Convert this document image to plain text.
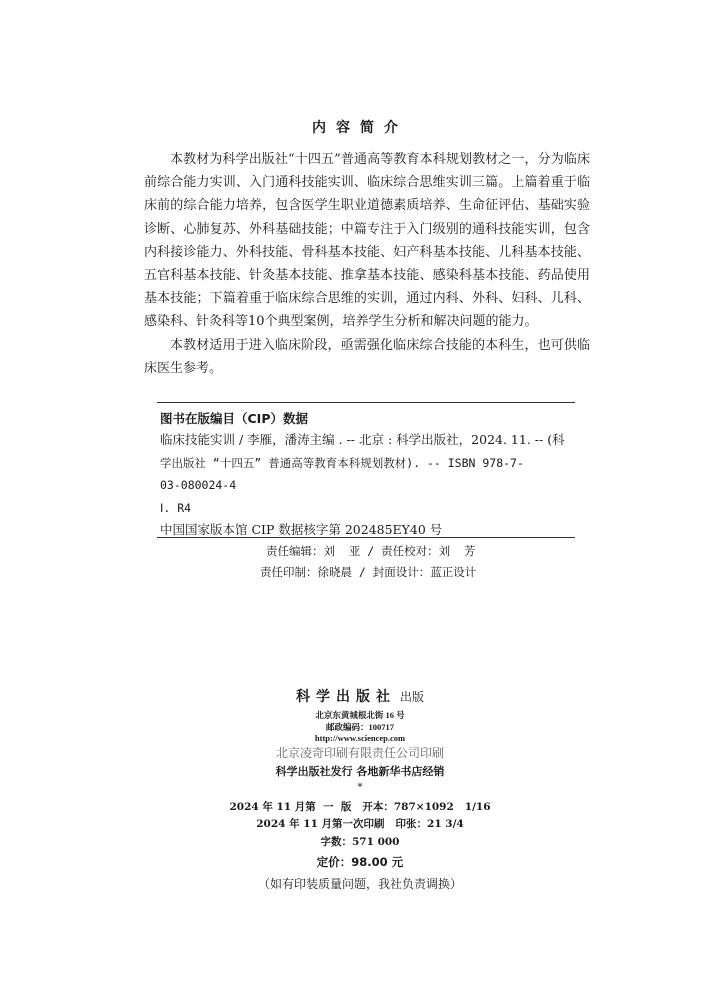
内容简介

本教材为科学出版社“十四五”普通高等教育本科规划教材之一，分为临床前综合能力实训、入门通科技能实训、临床综合思维实训三篇。上篇着重于临床前的综合能力培养，包含医学生职业道德素质培养、生命征评估、基础实验诊断、心肺复苏、外科基础技能；中篇专注于入门级别的通科技能实训，包含内科接诊能力、外科技能、骨科基本技能、妇产科基本技能、儿科基本技能、五官科基本技能、针灸基本技能、推拿基本技能、感染科基本技能、药品使用基本技能；下篇着重于临床综合思维的实训，通过内科、外科、妇科、儿科、感染科、针灸科等10个典型案例，培养学生分析和解决问题的能力。

本教材适用于进入临床阶段，亟需强化临床综合技能的本科生，也可供临床医生参考。

图书在版编目（CIP）数据
临床技能实训 / 李雁，潘涛主编 . -- 北京 : 科学出版社，2024. 11. -- (科
学出版社 “十四五” 普通高等教育本科规划教材). -- ISBN 978-7-
03-080024-4
Ⅰ. R4
中国国家版本馆 CIP 数据核字第 202485EY40 号
责任编辑：刘  亚 / 责任校对：刘  芳
责任印制：徐晓晨 / 封面设计：蓝正设计
科学出版社 出版
北京东黄城根北街 16 号
邮政编码：100717
http://www.sciencep.com
北京凌奇印刷有限责任公司印刷
科学出版社发行 各地新华书店经销
*
2024 年 11 月第  一  版   开本：787×1092   1/16
2024 年 11 月第一次印刷   印张：21 3/4
字数：571 000
定价：98.00 元
（如有印装质量问题，我社负责调换）
